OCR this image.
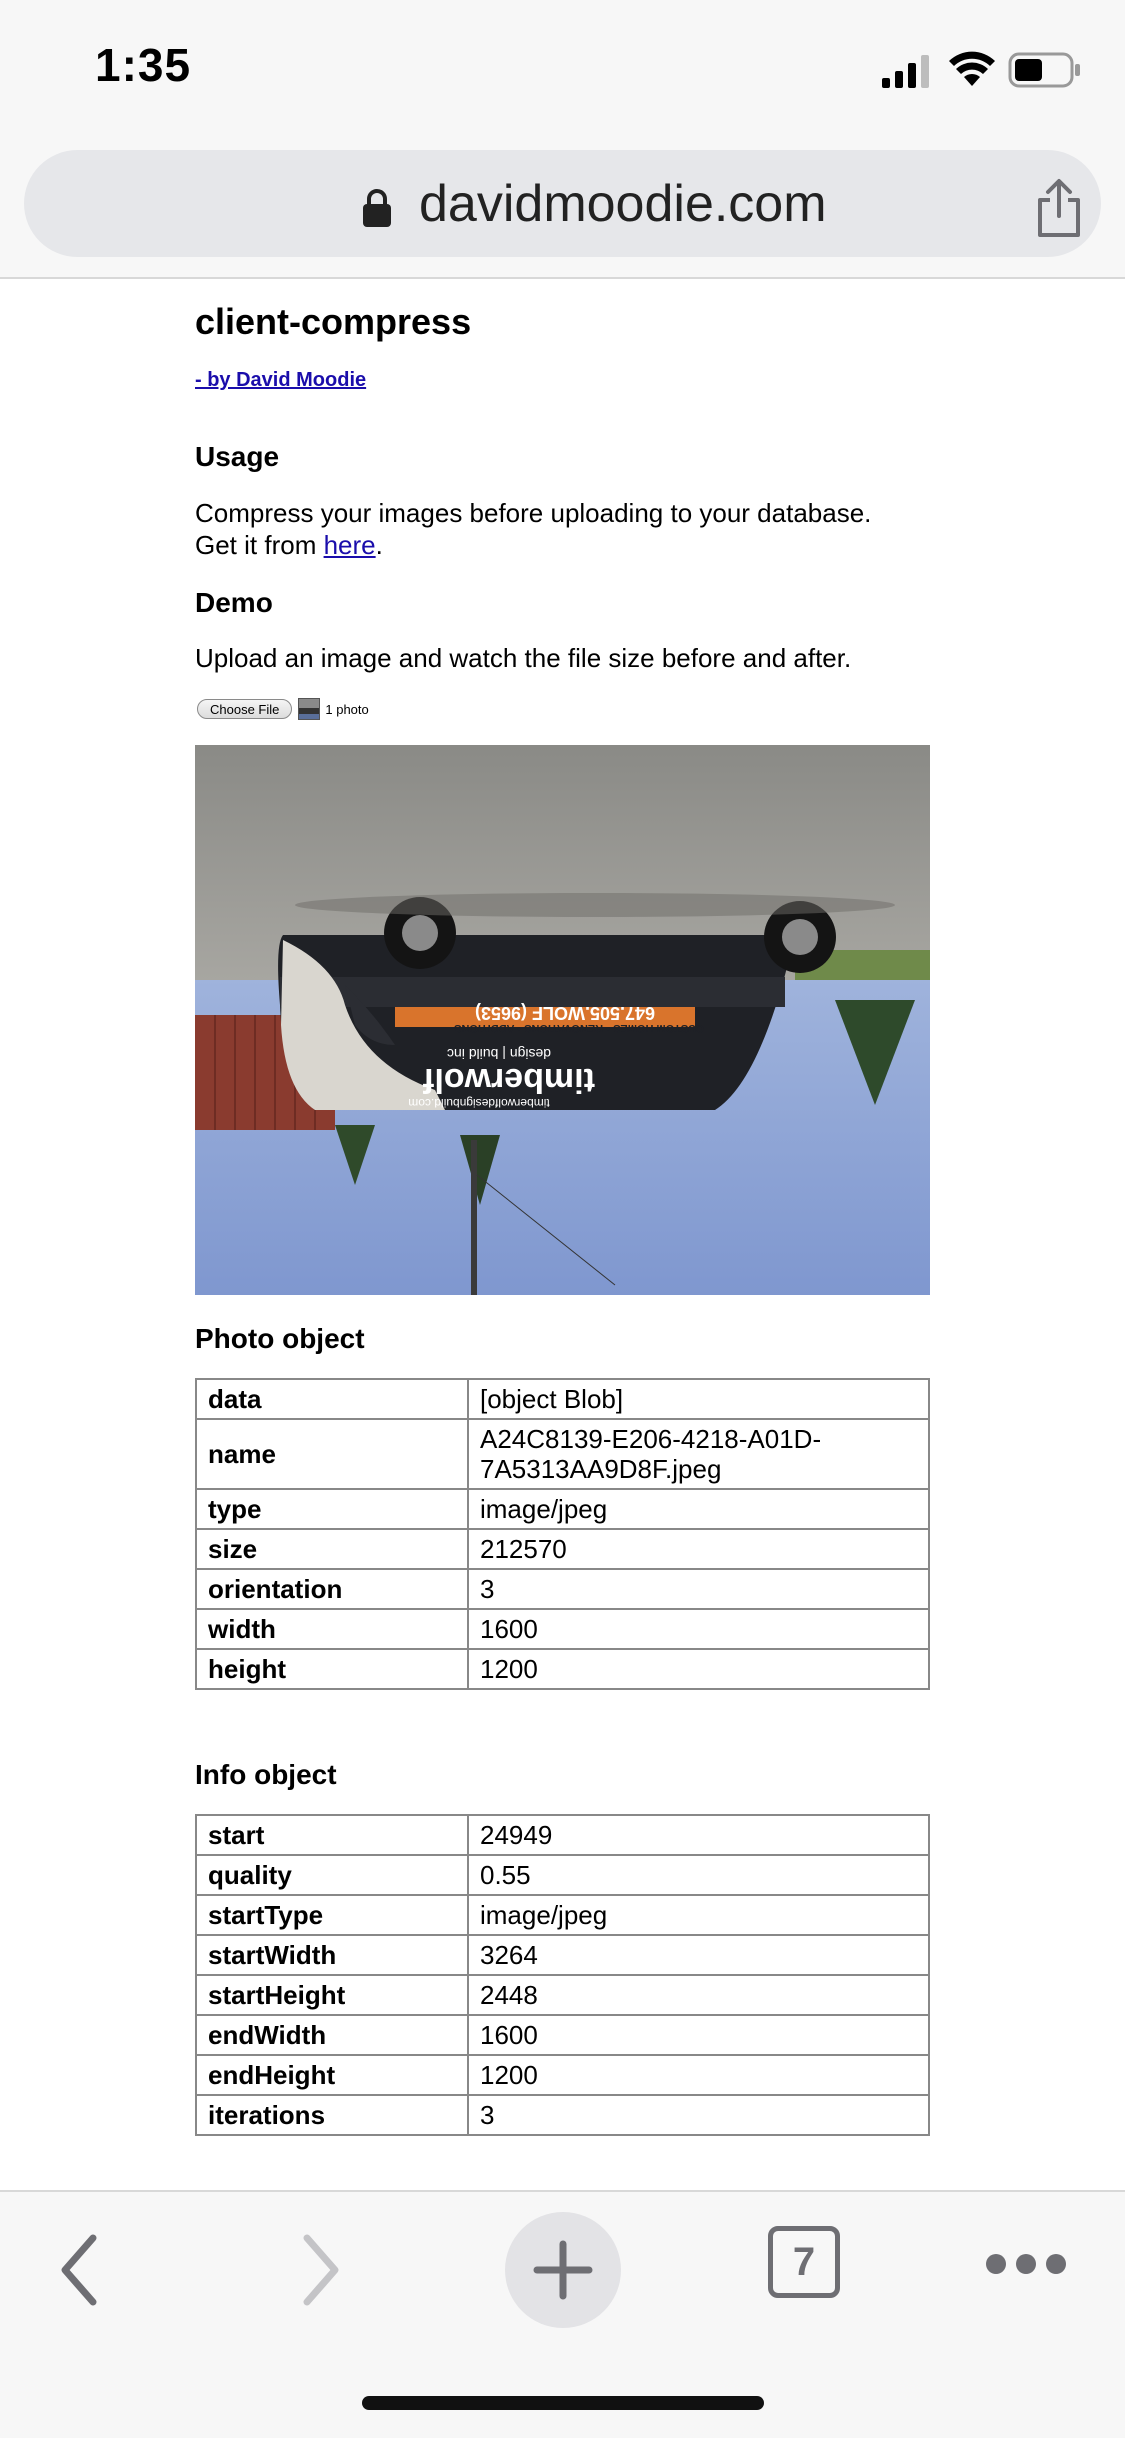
1:35
davidmoodie.com
client-compress
- by David Moodie
Usage
Compress your images before uploading to your database.
Get it from here.
Demo
Upload an image and watch the file size before and after.
Choose File	1 photo
647.505.WOLF (9653)
CUSTOM HOMES • RENOVATIONS • ADDITIONS
design | build inc
timberwolf
timberwolfdesignbuild.com
Photo object
data	[object Blob]
name	A24C8139-E206-4218-A01D-7A5313AA9D8F.jpeg
type	image/jpeg
size	212570
orientation	3
width	1600
height	1200
Info object
start	24949
quality	0.55
startType	image/jpeg
startWidth	3264
startHeight	2448
endWidth	1600
endHeight	1200
iterations	3
7
